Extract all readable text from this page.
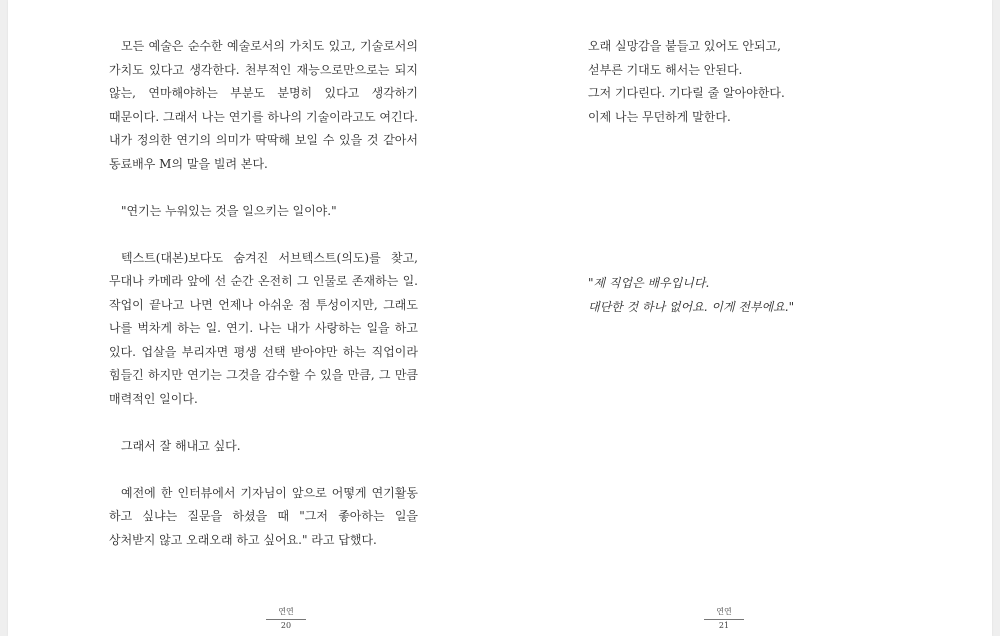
모든 예술은 순수한 예술로서의 가치도 있고, 기술로서의 가치도 있다고 생각한다. 천부적인 재능으로만으로는 되지 않는, 연마해야하는 부분도 분명히 있다고 생각하기 때문이다. 그래서 나는 연기를 하나의 기술이라고도 여긴다. 내가 정의한 연기의 의미가 딱딱해 보일 수 있을 것 같아서 동료배우 M의 말을 빌려 본다.

"연기는 누워있는 것을 일으키는 일이야."

텍스트(대본)보다도 숨겨진 서브텍스트(의도)를 찾고, 무대나 카메라 앞에 선 순간 온전히 그 인물로 존재하는 일. 작업이 끝나고 나면 언제나 아쉬운 점 투성이지만, 그래도 나를 벅차게 하는 일. 연기. 나는 내가 사랑하는 일을 하고 있다. 업살을 부리자면 평생 선택 받아야만 하는 직업이라 힘들긴 하지만 연기는 그것을 감수할 수 있을 만큼, 그 만큼 매력적인 일이다.

그래서 잘 해내고 싶다.

예전에 한 인터뷰에서 기자님이 앞으로 어떻게 연기활동 하고 싶냐는 질문을 하셨을 때 "그저 좋아하는 일을 상처받지 않고 오래오래 하고 싶어요." 라고 답했다.

연연
20

오래 실망감을 붙들고 있어도 안되고,

섣부른 기대도 해서는 안된다.

그저 기다린다. 기다릴 줄 알아야한다.

이제 나는 무던하게 말한다.

"제 직업은 배우입니다.

대단한 것 하나 없어요. 이게 전부에요."

연연
21
